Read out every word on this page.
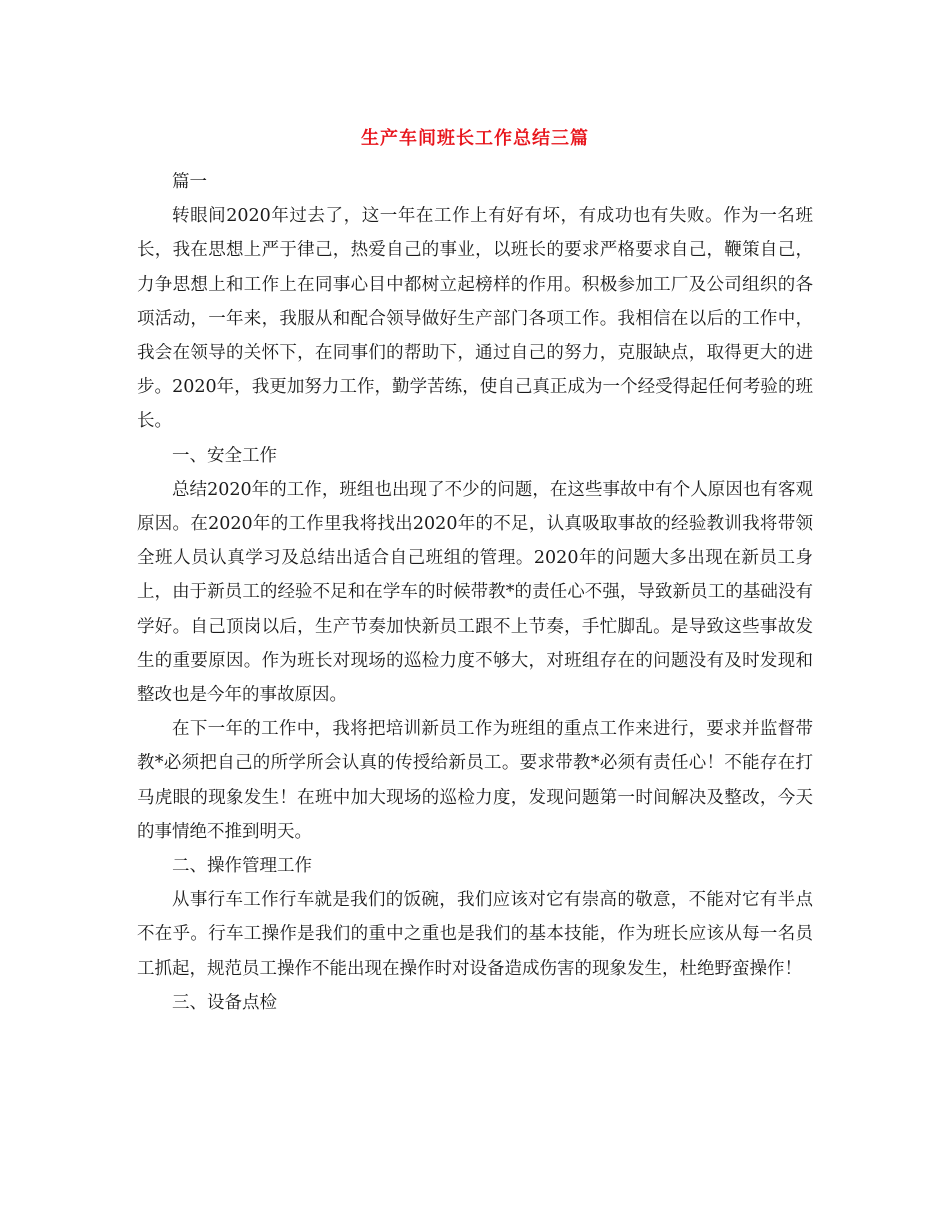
生产车间班长工作总结三篇

篇一

转眼间2020年过去了，这一年在工作上有好有坏，有成功也有失败。作为一名班长，我在思想上严于律己，热爱自己的事业，以班长的要求严格要求自己，鞭策自己，力争思想上和工作上在同事心目中都树立起榜样的作用。积极参加工厂及公司组织的各项活动，一年来，我服从和配合领导做好生产部门各项工作。我相信在以后的工作中，我会在领导的关怀下，在同事们的帮助下，通过自己的努力，克服缺点，取得更大的进步。2020年，我更加努力工作，勤学苦练，使自己真正成为一个经受得起任何考验的班长。

一、安全工作

总结2020年的工作，班组也出现了不少的问题，在这些事故中有个人原因也有客观原因。在2020年的工作里我将找出2020年的不足，认真吸取事故的经验教训我将带领全班人员认真学习及总结出适合自己班组的管理。2020年的问题大多出现在新员工身上，由于新员工的经验不足和在学车的时候带教*的责任心不强，导致新员工的基础没有学好。自己顶岗以后，生产节奏加快新员工跟不上节奏，手忙脚乱。是导致这些事故发生的重要原因。作为班长对现场的巡检力度不够大，对班组存在的问题没有及时发现和整改也是今年的事故原因。

在下一年的工作中，我将把培训新员工作为班组的重点工作来进行，要求并监督带教*必须把自己的所学所会认真的传授给新员工。要求带教*必须有责任心！不能存在打马虎眼的现象发生！在班中加大现场的巡检力度，发现问题第一时间解决及整改，今天的事情绝不推到明天。

二、操作管理工作

从事行车工作行车就是我们的饭碗，我们应该对它有崇高的敬意，不能对它有半点不在乎。行车工操作是我们的重中之重也是我们的基本技能，作为班长应该从每一名员工抓起，规范员工操作不能出现在操作时对设备造成伤害的现象发生，杜绝野蛮操作！

三、设备点检
